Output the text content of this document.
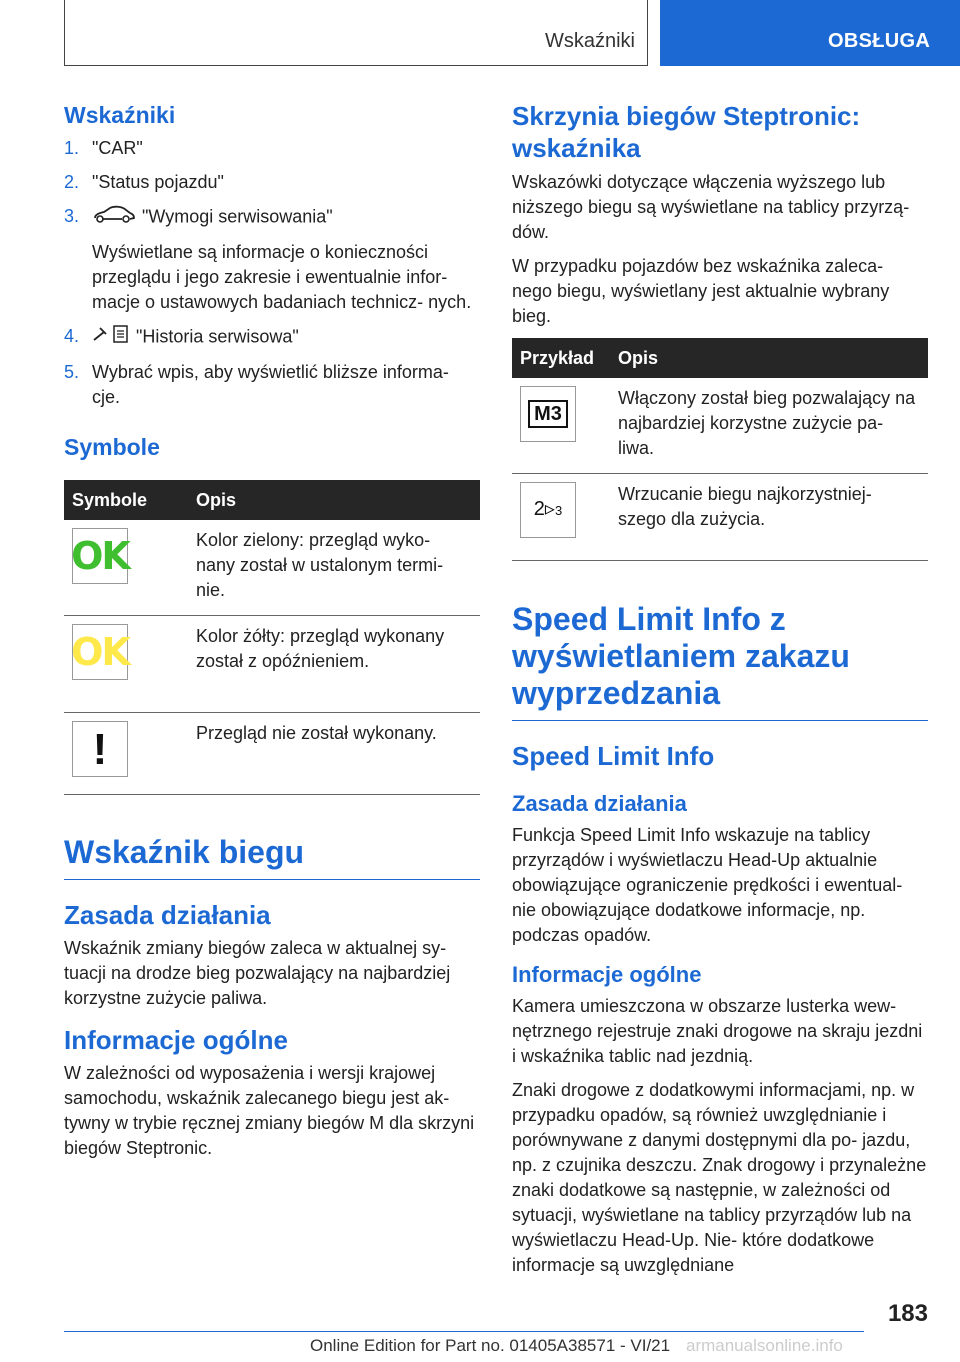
Wskaźniki	OBSŁUGA
Wskaźniki
1. "CAR"
2. "Status pojazdu"
3.	"Wymogi serwisowania"
Wyświetlane są informacje o konieczności przeglądu i jego zakresie i ewentualnie infor- macje o ustawowych badaniach technicz- nych.
4.	"Historia serwisowa"
5. Wybrać wpis, aby wyświetlić bliższe informa- cje.
Symbole
Symbole	Opis

OK	Kolor zielony: przegląd wyko- nany został w ustalonym termi- nie.

OK	Kolor żółty: przegląd wykonany został z opóźnieniem.

!	Przegląd nie został wykonany.
Wskaźnik biegu
Zasada działania

Wskaźnik zmiany biegów zaleca w aktualnej sy- tuacji na drodze bieg pozwalający na najbardziej korzystne zużycie paliwa.

Informacje ogólne

W zależności od wyposażenia i wersji krajowej samochodu, wskaźnik zalecanego biegu jest ak- tywny w trybie ręcznej zmiany biegów M dla skrzyni biegów Steptronic.

Skrzynia biegów Steptronic: wskaźnika

Wskazówki dotyczące włączenia wyższego lub niższego biegu są wyświetlane na tablicy przyrzą- dów.

W przypadku pojazdów bez wskaźnika zaleca- nego biegu, wyświetlany jest aktualnie wybrany bieg.

Przykład	Opis

M3	Włączony został bieg pozwalający na najbardziej korzystne zużycie pa- liwa.

2▹3	Wrzucanie biegu najkorzystniej- szego dla zużycia.
Speed Limit Info z wyświetlaniem zakazu wyprzedzania
Speed Limit Info
Zasada działania

Funkcja Speed Limit Info wskazuje na tablicy przyrządów i wyświetlaczu Head-Up aktualnie obowiązujące ograniczenie prędkości i ewentual- nie obowiązujące dodatkowe informacje, np. podczas opadów.

Informacje ogólne

Kamera umieszczona w obszarze lusterka wew- nętrznego rejestruje znaki drogowe na skraju jezdni i wskaźnika tablic nad jezdnią.

Znaki drogowe z dodatkowymi informacjami, np. w przypadku opadów, są również uwzględnianie i porównywane z danymi dostępnymi dla po- jazdu, np. z czujnika deszczu. Znak drogowy i przynależne znaki dodatkowe są następnie, w zależności od sytuacji, wyświetlane na tablicy przyrządów lub na wyświetlaczu Head-Up. Nie- które dodatkowe informacje są uwzględniane

183
Online Edition for Part no. 01405A38571 - VI/21 armanualsonline.info
